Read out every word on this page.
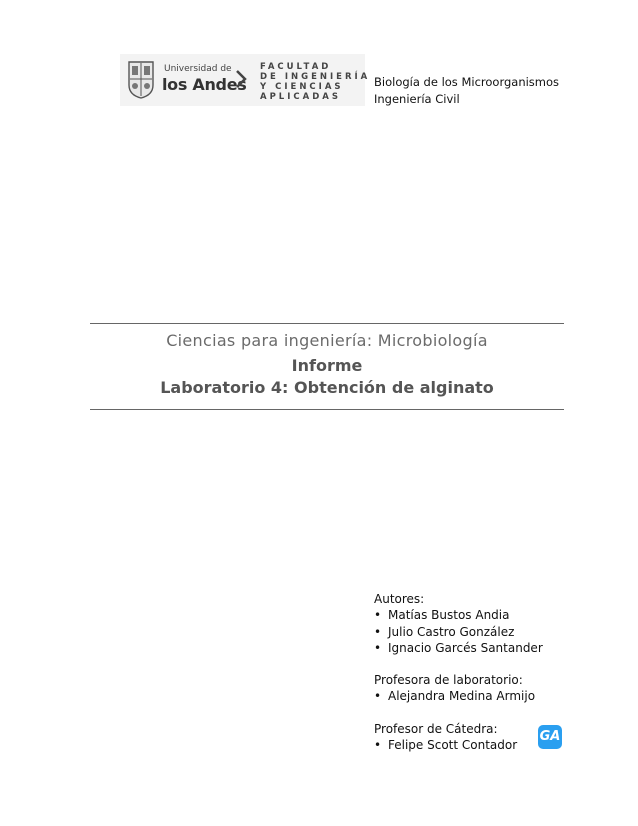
Universidad de
los Andes
FACULTAD
DE INGENIERÍA
Y CIENCIAS
APLICADAS
Biología de los Microorganismos
Ingeniería Civil
Ciencias para ingeniería: Microbiología
Informe
Laboratorio 4: Obtención de alginato
Autores:
• Matías Bustos Andia
• Julio Castro González
• Ignacio Garcés Santander
Profesora de laboratorio:
• Alejandra Medina Armijo
Profesor de Cátedra:
• Felipe Scott Contador
GA
